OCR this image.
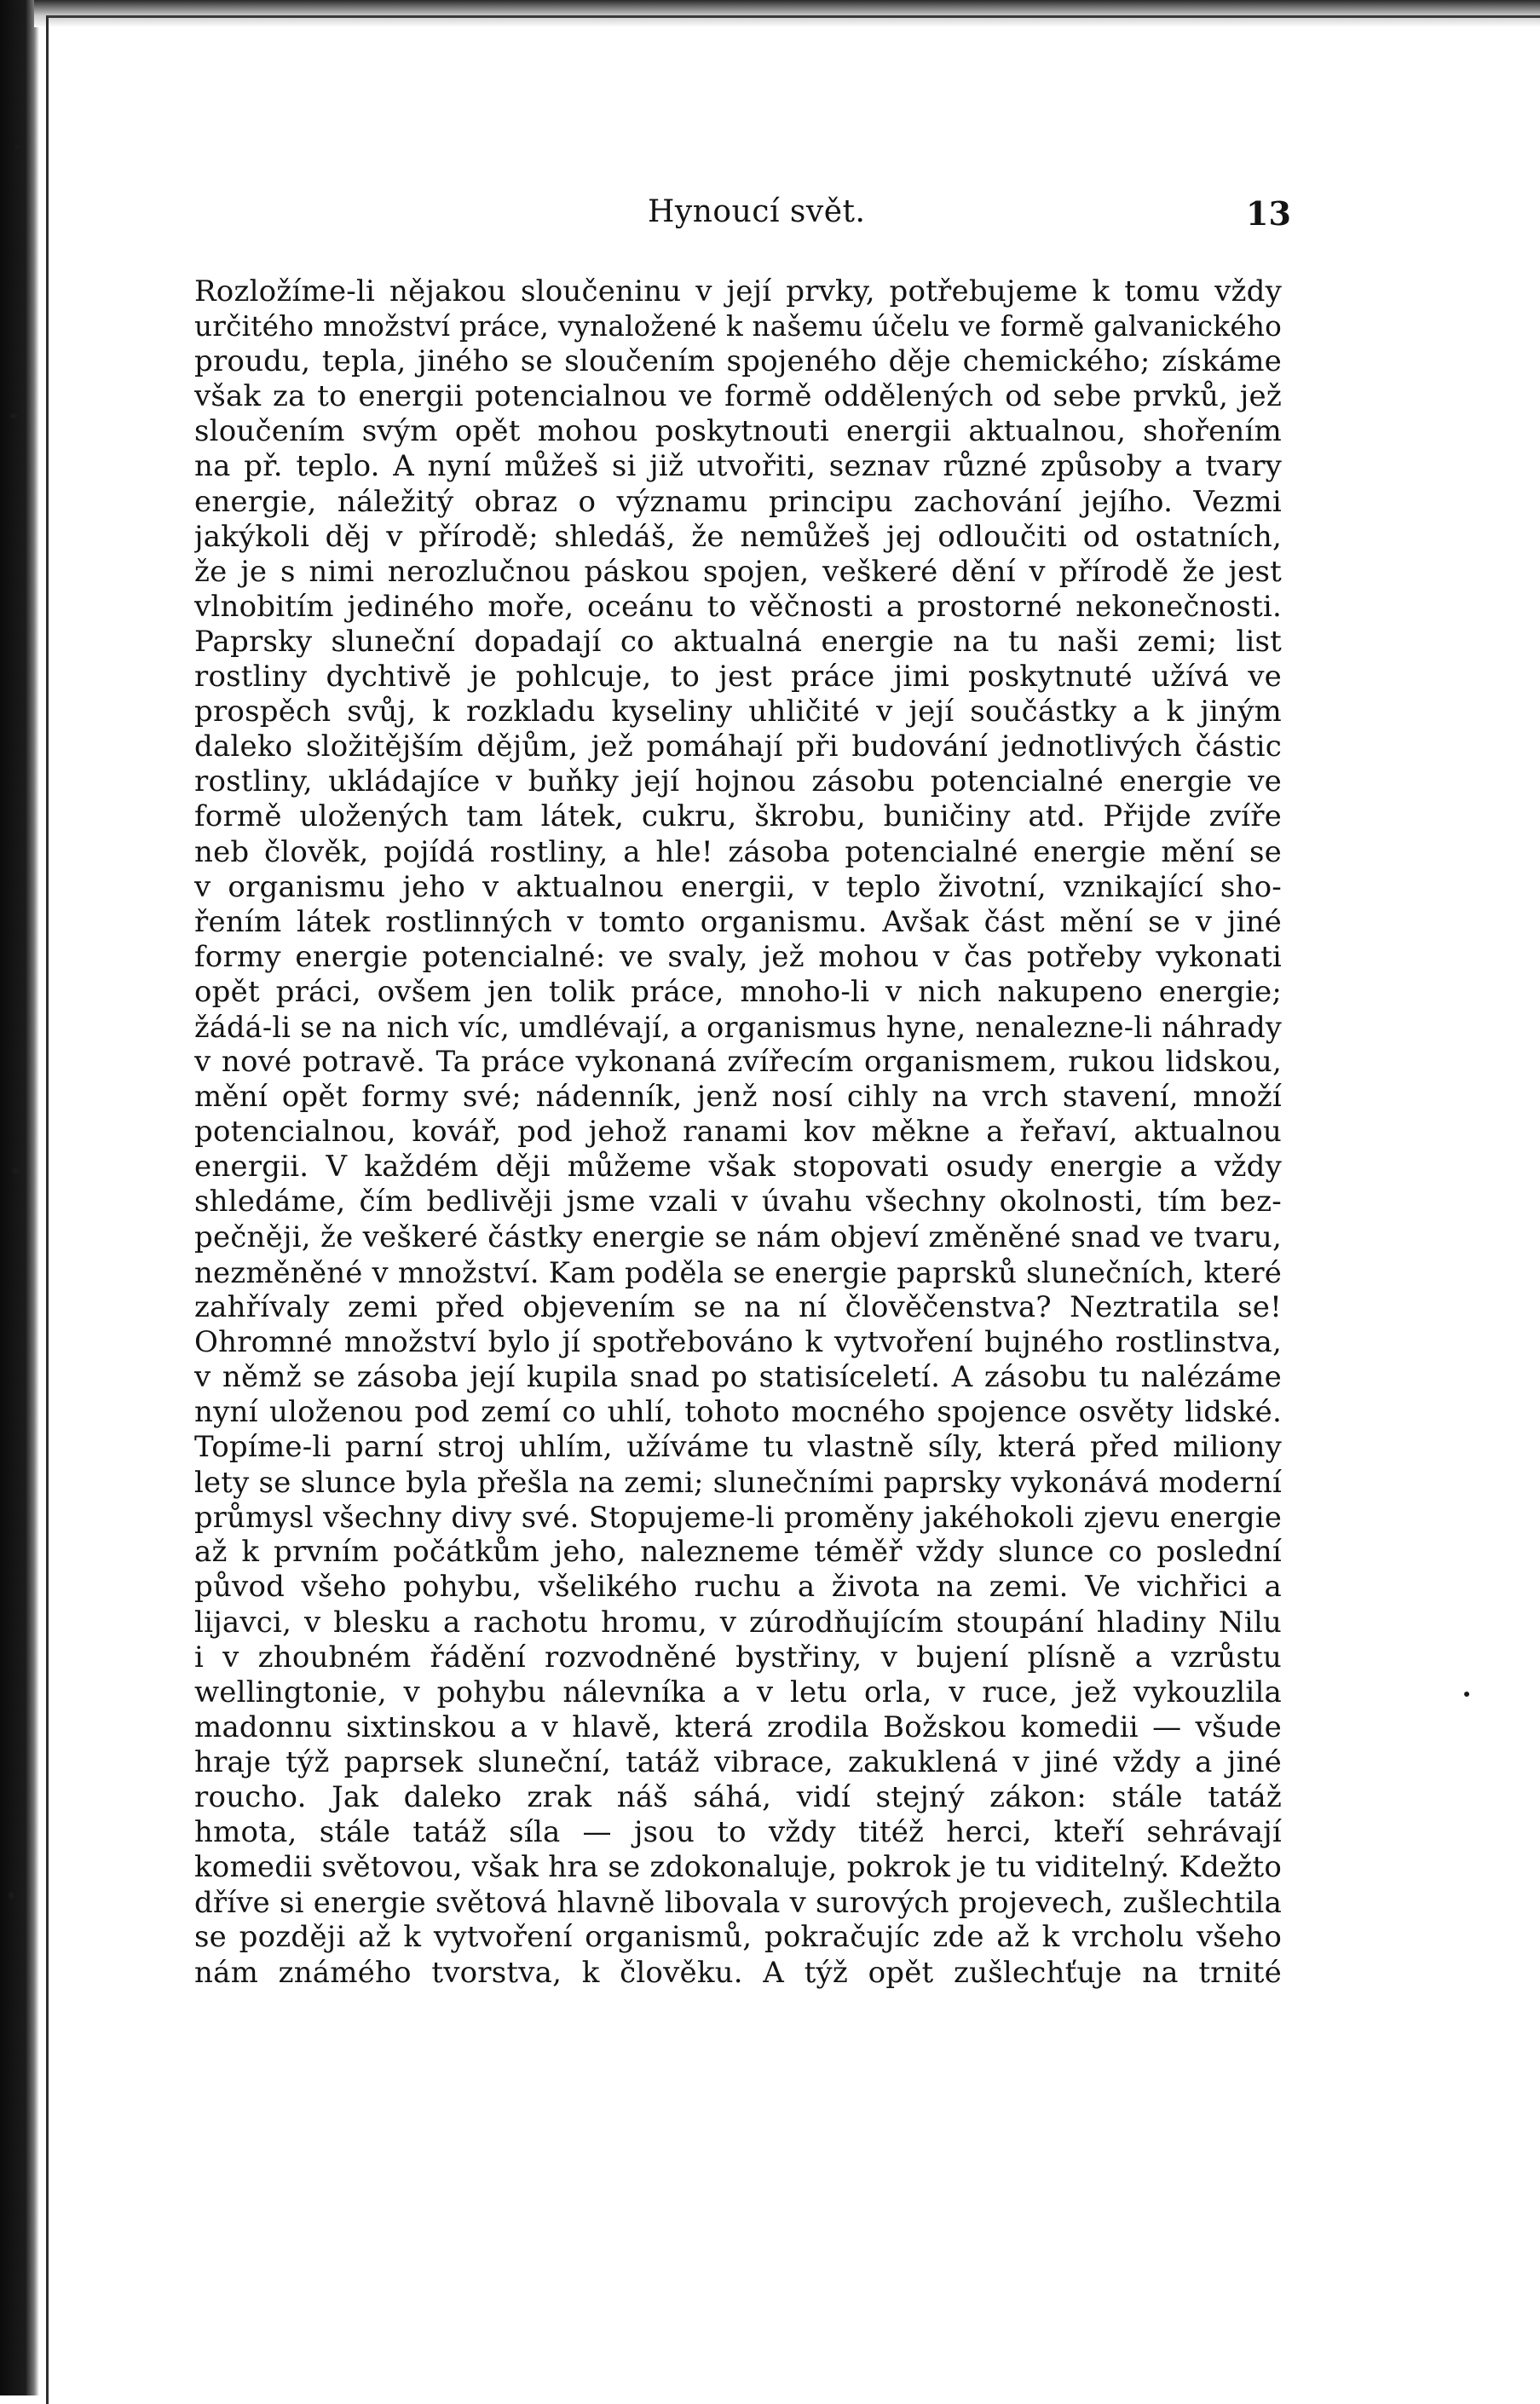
Hynoucí svět.	13
Rozložíme-li nějakou sloučeninu v její prvky, potřebujeme k tomu vždy
určitého množství práce, vynaložené k našemu účelu ve formě galvanického
proudu, tepla, jiného se sloučením spojeného děje chemického; získáme
však za to energii potencialnou ve formě oddělených od sebe prvků, jež
sloučením svým opět mohou poskytnouti energii aktualnou, shořením
na př. teplo. A nyní můžeš si již utvořiti, seznav různé způsoby a tvary
energie, náležitý obraz o významu principu zachování jejího. Vezmi
jakýkoli děj v přírodě; shledáš, že nemůžeš jej odloučiti od ostatních,
že je s nimi nerozlučnou páskou spojen, veškeré dění v přírodě že jest
vlnobitím jediného moře, oceánu to věčnosti a prostorné nekonečnosti.
Paprsky sluneční dopadají co aktualná energie na tu naši zemi; list
rostliny dychtivě je pohlcuje, to jest práce jimi poskytnuté užívá ve
prospěch svůj, k rozkladu kyseliny uhličité v její součástky a k jiným
daleko složitějším dějům, jež pomáhají při budování jednotlivých částic
rostliny, ukládajíce v buňky její hojnou zásobu potencialné energie ve
formě uložených tam látek, cukru, škrobu, buničiny atd. Přijde zvíře
neb člověk, pojídá rostliny, a hle! zásoba potencialné energie mění se
v organismu jeho v aktualnou energii, v teplo životní, vznikající sho-
řením látek rostlinných v tomto organismu. Avšak část mění se v jiné
formy energie potencialné: ve svaly, jež mohou v čas potřeby vykonati
opět práci, ovšem jen tolik práce, mnoho-li v nich nakupeno energie;
žádá-li se na nich víc, umdlévají, a organismus hyne, nenalezne-li náhrady
v nové potravě. Ta práce vykonaná zvířecím organismem, rukou lidskou,
mění opět formy své; nádenník, jenž nosí cihly na vrch stavení, množí
potencialnou, kovář, pod jehož ranami kov měkne a řeřaví, aktualnou
energii. V každém ději můžeme však stopovati osudy energie a vždy
shledáme, čím bedlivěji jsme vzali v úvahu všechny okolnosti, tím bez-
pečněji, že veškeré částky energie se nám objeví změněné snad ve tvaru,
nezměněné v množství. Kam poděla se energie paprsků slunečních, které
zahřívaly zemi před objevením se na ní člověčenstva? Neztratila se!
Ohromné množství bylo jí spotřebováno k vytvoření bujného rostlinstva,
v němž se zásoba její kupila snad po statisíceletí. A zásobu tu nalézáme
nyní uloženou pod zemí co uhlí, tohoto mocného spojence osvěty lidské.
Topíme-li parní stroj uhlím, užíváme tu vlastně síly, která před miliony
lety se slunce byla přešla na zemi; slunečními paprsky vykonává moderní
průmysl všechny divy své. Stopujeme-li proměny jakéhokoli zjevu energie
až k prvním počátkům jeho, nalezneme téměř vždy slunce co poslední
původ všeho pohybu, všelikého ruchu a života na zemi. Ve vichřici a
lijavci, v blesku a rachotu hromu, v zúrodňujícím stoupání hladiny Nilu
i v zhoubném řádění rozvodněné bystřiny, v bujení plísně a vzrůstu
wellingtonie, v pohybu nálevníka a v letu orla, v ruce, jež vykouzlila
madonnu sixtinskou a v hlavě, která zrodila Božskou komedii — všude
hraje týž paprsek sluneční, tatáž vibrace, zakuklená v jiné vždy a jiné
roucho. Jak daleko zrak náš sáhá, vidí stejný zákon: stále tatáž
hmota, stále tatáž síla — jsou to vždy titéž herci, kteří sehrávají
komedii světovou, však hra se zdokonaluje, pokrok je tu viditelný. Kdežto
dříve si energie světová hlavně libovala v surových projevech, zušlechtila
se později až k vytvoření organismů, pokračujíc zde až k vrcholu všeho
nám známého tvorstva, k člověku. A týž opět zušlechťuje na trnité
